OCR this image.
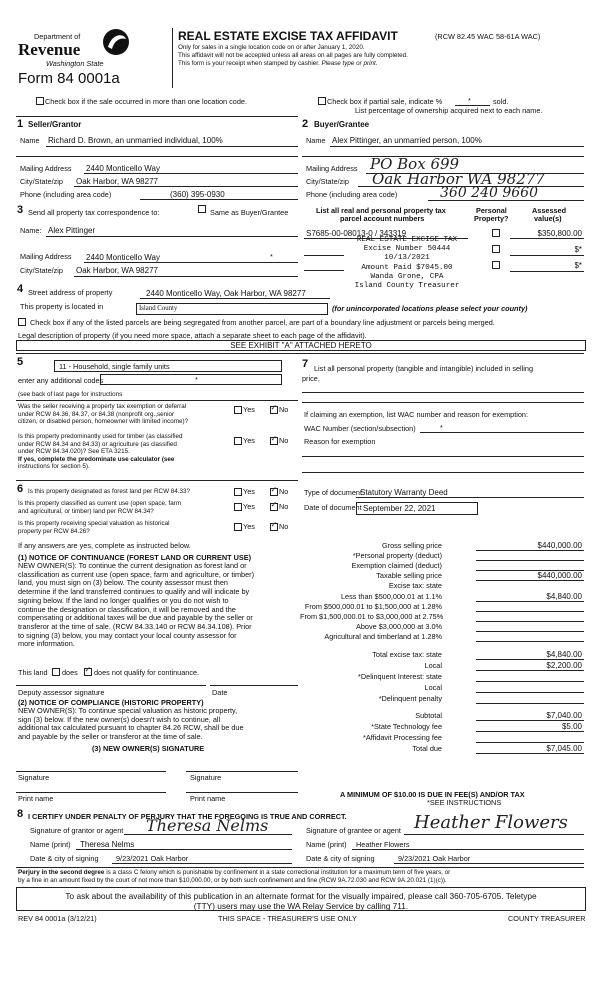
Department of
Revenue
Washington State
Form 84 0001a
REAL ESTATE EXCISE TAX AFFIDAVIT	(RCW 82.45 WAC 58-61A WAC)
Only for sales in a single location code on or after January 1, 2020.
This affidavit will not be accepted unless all areas on all pages are fully completed.
This form is your receipt when stamped by cashier. Please type or print.
Check box if the sale occurred in more than one location code.	Check box if partial sale, indicate %	*	sold.
List percentage of ownership acquired next to each name.
1 Seller/Grantor
Name Richard D. Brown, an unmarried individual, 100%
Mailing Address 2440 Monticello Way
City/State/zip Oak Harbor, WA 98277
Phone (including area code)	(360) 395-0930
2 Buyer/Grantee
Name Alex Pittinger, an unmarried person, 100%
Mailing Address PO Box 699
City/State/zip Oak Harbor WA 98277
Phone (including area code)	360 240 9660
3 Send all property tax correspondence to:	Same as Buyer/Grantee
Name: Alex Pittinger
Mailing Address 2440 Monticello Way	*
City/State/zip Oak Harbor, WA 98277
List all real and personal property tax
parcel account numbers
Personal
Property?
Assessed
value(s)
S7685-00-08013-0 / 343319	$350,800.00
$*
$*
REAL ESTATE EXCISE TAX
Excise Number 50444
10/13/2021
Amount Paid $7045.00
Wanda Grone, CPA
Island County Treasurer
4 Street address of property	2440 Monticello Way, Oak Harbor, WA 98277
This property is located in	Island County	(for unincorporated locations please select your county)
Check box if any of the listed parcels are being segregated from another parcel, are part of a boundary line adjustment or parcels being merged.
Legal description of property (if you need more space, attach a separate sheet to each page of the affidavit).
SEE EXHIBIT "A" ATTACHED HERETO
5	11 - Household, single family units
enter any additional codes	*
(see back of last page for instructions
Was the seller receiving a property tax exemption or deferral
under RCW 84.36, 84.37, or 84.38 (nonprofit org.,senior
citizen, or disabled person, homeowner with limited income)?
Yes ✓	No
Is this property predominantly used for timber (as classified
under RCW 84.34 and 84.33) or agriculture (as classified
under RCW 84.34.020)? See ETA 3215.
If yes, complete the predominate use calculator (see
instructions for section 5).
Yes ✓	No
7 List all personal property (tangible and intangible) included in selling
price.
If claiming an exemption, list WAC number and reason for exemption:
WAC Number (section/subsection)	*
Reason for exemption
6 Is this property designated as forest land per RCW 84.33?	Yes ✓	No
Is this property classified as current use (open space, farm
and agricultural, or timber) land per RCW 84.34?
Yes ✓	No
Is this property receiving special valuation as historical
property per RCW 84.26?
Yes ✓	No
If any answers are yes, complete as instructed below.
(1) NOTICE OF CONTINUANCE (FOREST LAND OR CURRENT USE)
NEW OWNER(S): To continue the current designation as forest land or
classification as current use (open space, farm and agriculture, or timber)
land, you must sign on (3) below. The county assessor must then
determine if the land transferred continues to qualify and will indicate by
signing below. If the land no longer qualifies or you do not wish to
continue the designation or classification, it will be removed and the
compensating or additional taxes will be due and payable by the seller or
transferor at the time of sale. (RCW 84.33.140 or RCW 84.34.108). Prior
to signing (3) below, you may contact your local county assessor for
more information.
This land does ✓ does not qualify for continuance.
Deputy assessor signature	Date
(2) NOTICE OF COMPLIANCE (HISTORIC PROPERTY)
NEW OWNER(S): To continue special valuation as historic property,
sign (3) below. If the new owner(s) doesn't wish to continue, all
additional tax calculated pursuant to chapter 84.26 RCW, shall be due
and payable by the seller or transferor at the time of sale.
(3) NEW OWNER(S) SIGNATURE
Signature	Signature
Print name	Print name
Type of document
Statutory Warranty Deed
Date of document September 22, 2021
Gross selling price	$440,000.00
*Personal property (deduct)
Exemption claimed (deduct)
Taxable selling price	$440,000.00
Excise tax: state
Less than $500,000.01 at 1.1%	$4,840.00
From $500,000.01 to $1,500,000 at 1.28%
From $1,500,000.01 to $3,000,000 at 2.75%
Above $3,000,000 at 3.0%
Agricultural and timberland at 1.28%
Total excise tax: state	$4,840.00
Local	$2,200.00
*Delinquent Interest: state
Local
*Delinquent penalty
Subtotal	$7,040.00
*State Technology fee	$5.00
*Affidavit Processing fee
Total due	$7,045.00
A MINIMUM OF $10.00 IS DUE IN FEE(S) AND/OR TAX
*SEE INSTRUCTIONS
8 I CERTIFY UNDER PENALTY OF PERJURY THAT THE FOREGOING IS TRUE AND CORRECT.
Signature of grantor or agent Theresa Nelms
Name (print) Theresa Nelms
Date & city of signing 9/23/2021 Oak Harbor
Signature of grantee or agent Heather Flowers
Name (print) Heather Flowers
Date & city of signing	9/23/2021 Oak Harbor
Perjury in the second degree is a class C felony which is punishable by confinement in a state correctional institution for a maximum term of five years, or
by a fine in an amount fixed by the court of not more than $10,000.00, or by both such confinement and fine (RCW 9A.72.030 and RCW 9A.20.021 (1)(c)).
To ask about the availability of this publication in an alternate format for the visually impaired, please call 360-705-6705. Teletype
(TTY) users may use the WA Relay Service by calling 711.
REV 84 0001a (3/12/21)	THIS SPACE - TREASURER'S USE ONLY	COUNTY TREASURER
